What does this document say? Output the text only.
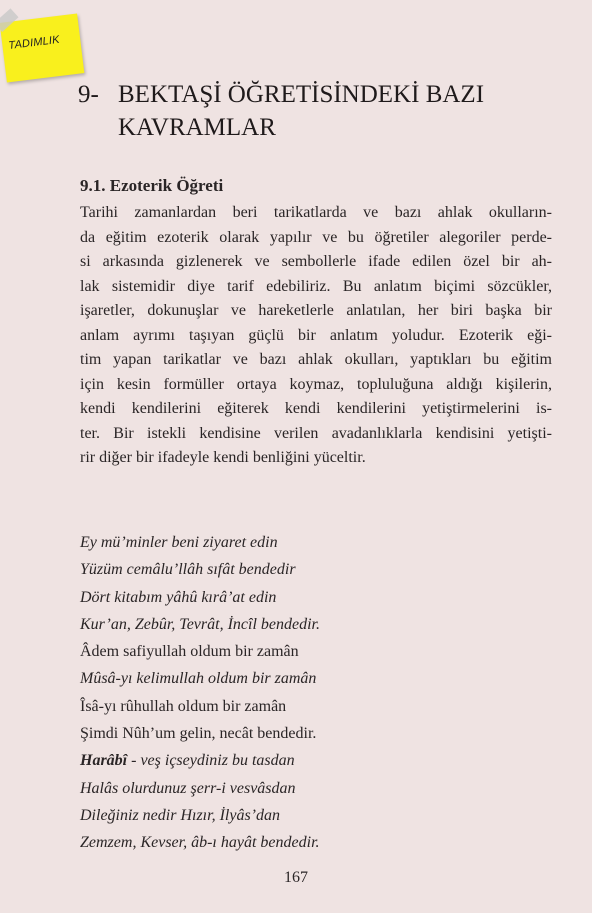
TADIMLIK
9- BEKTAŞİ ÖĞRETİSİNDEKİ BAZI
KAVRAMLAR
9.1. Ezoterik Öğreti
Tarihi zamanlardan beri tarikatlarda ve bazı ahlak okulların-
da eğitim ezoterik olarak yapılır ve bu öğretiler alegoriler perde-
si arkasında gizlenerek ve sembollerle ifade edilen özel bir ah-
lak sistemidir diye tarif edebiliriz. Bu anlatım biçimi sözcükler,
işaretler, dokunuşlar ve hareketlerle anlatılan, her biri başka bir
anlam ayrımı taşıyan güçlü bir anlatım yoludur. Ezoterik eği-
tim yapan tarikatlar ve bazı ahlak okulları, yaptıkları bu eğitim
için kesin formüller ortaya koymaz, topluluğuna aldığı kişilerin,
kendi kendilerini eğiterek kendi kendilerini yetiştirmelerini is-
ter. Bir istekli kendisine verilen avadanlıklarla kendisini yetişti-
rir diğer bir ifadeyle kendi benliğini yüceltir.
Ey mü’minler beni ziyaret edin
Yüzüm cemâlu’llâh sıfât bendedir
Dört kitabım yâhû kırâ’at edin
Kur’an, Zebûr, Tevrât, İncîl bendedir.
Âdem safiyullah oldum bir zamân
Mûsâ-yı kelimullah oldum bir zamân
Îsâ-yı rûhullah oldum bir zamân
Şimdi Nûh’um gelin, necât bendedir.
Harâbî - veş içseydiniz bu tasdan
Halâs olurdunuz şerr-i vesvâsdan
Dileğiniz nedir Hızır, İlyâs’dan
Zemzem, Kevser, âb-ı hayât bendedir.
167
